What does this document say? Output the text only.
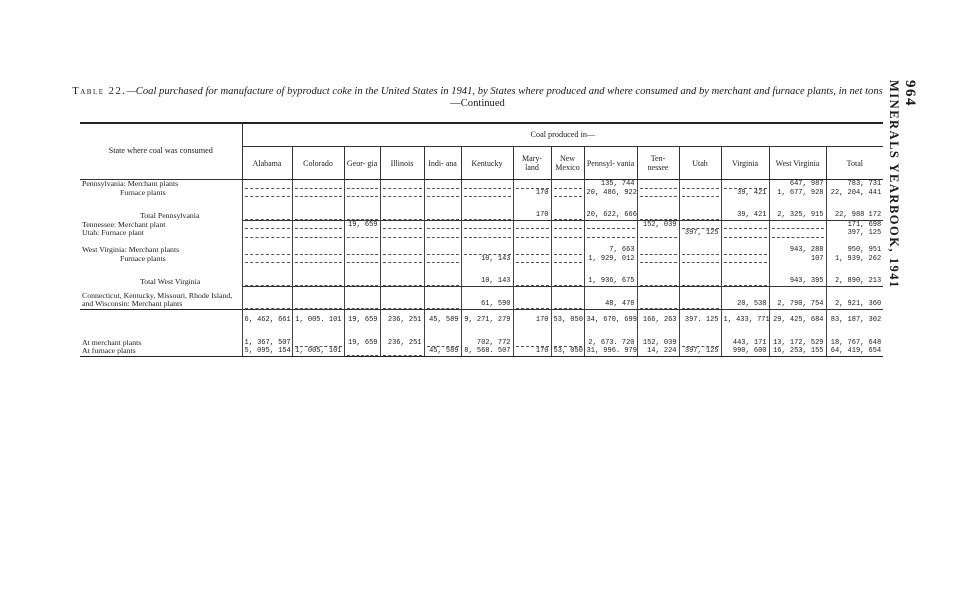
Table 22.—Coal purchased for manufacture of byproduct coke in the United States in 1941, by States where produced and where consumed and by merchant and furnace plants, in net tons—Continued	964
MINERALS YEARBOOK, 1941
State where coal was consumed	Coal produced in—													
	Alabama	Colorado	Geor- gia	Illinois	Indi- ana	Kentucky	Mary- land	New Mexico	Pennsyl- vania	Ten- nessee	Utah	Virginia	West Virginia	Total
Pennsylvania: Merchant plants									135, 744				647, 987	783, 731
Furnace plants							170		20, 486, 922			39, 421	1, 677, 928	22, 204, 441

Total Pennsylvania							170		20, 622, 666			39, 421	2, 325, 915	22, 988 172
Tennessee: Merchant plant			19, 659							152, 039				171, 698
Utah: Furnace plant											397, 125			397, 125

West Virginia: Merchant plants									7, 663				943, 288	950, 951
Furnace plants						10, 143			1, 929, 012				107	1, 939, 262

Total West Virginia						10, 143			1, 936, 675				943, 395	2, 890, 213

Connecticut, Kentucky, Missouri, Rhode Island, and Wisconsin: Merchant plants						61, 590			48, 478			20, 538	2, 790, 754	2, 921, 360
	6, 462, 661	1, 005. 101	19, 659	236, 251	45, 589	9, 271, 279	170	53, 050	34, 670, 699	166, 263	397. 125	1, 433, 771	29, 425, 684	83, 187, 302

At merchant plants	1, 367, 507		19, 659	236, 251		702, 772			2, 673. 720	152, 039		443, 171	13, 172, 529	18, 767, 648
At furnace plants	5, 095, 154	1, 005, 101			45, 589	8, 568. 507	170	53, 050	31, 996. 979	14, 224	397, 125	990, 600	16, 253, 155	64, 419, 654
